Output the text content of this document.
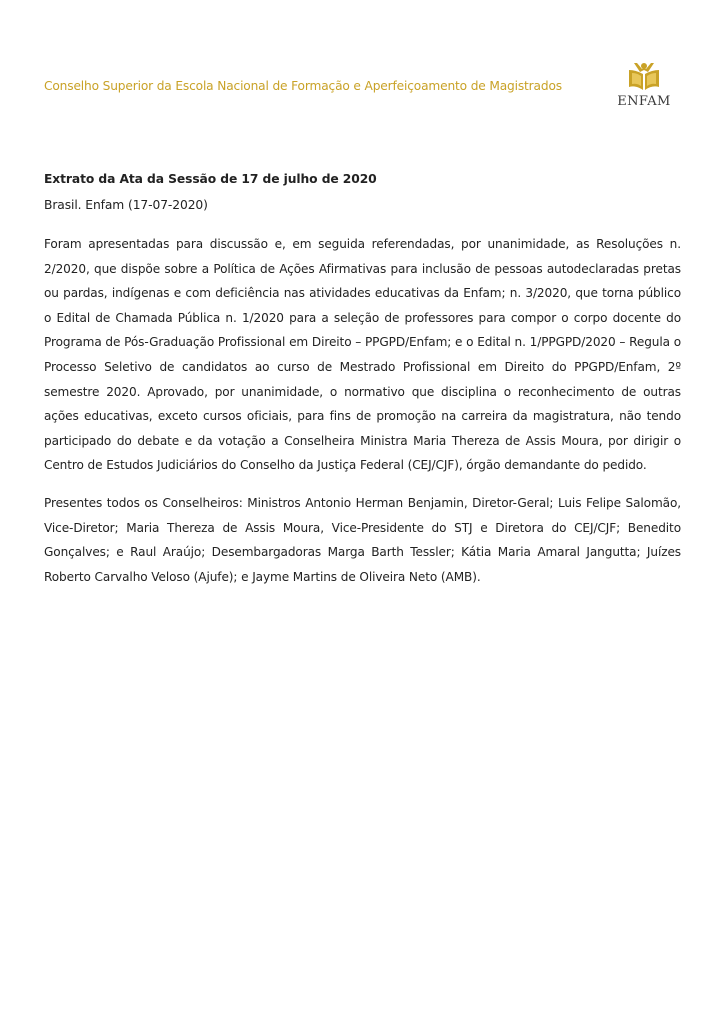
Conselho Superior da Escola Nacional de Formação e Aperfeiçoamento de Magistrados
ENFAM

Extrato da Ata da Sessão de 17 de julho de 2020

Brasil. Enfam (17-07-2020)

Foram apresentadas para discussão e, em seguida referendadas, por unanimidade, as Resoluções n. 2/2020, que dispõe sobre a Política de Ações Afirmativas para inclusão de pessoas autodeclaradas pretas ou pardas, indígenas e com deficiência nas atividades educativas da Enfam; n. 3/2020, que torna público o Edital de Chamada Pública n. 1/2020 para a seleção de professores para compor o corpo docente do Programa de Pós-Graduação Profissional em Direito – PPGPD/Enfam; e o Edital n. 1/PPGPD/2020 – Regula o Processo Seletivo de candidatos ao curso de Mestrado Profissional em Direito do PPGPD/Enfam, 2º semestre 2020. Aprovado, por unanimidade, o normativo que disciplina o reconhecimento de outras ações educativas, exceto cursos oficiais, para fins de promoção na carreira da magistratura, não tendo participado do debate e da votação a Conselheira Ministra Maria Thereza de Assis Moura, por dirigir o Centro de Estudos Judiciários do Conselho da Justiça Federal (CEJ/CJF), órgão demandante do pedido.

Presentes todos os Conselheiros: Ministros Antonio Herman Benjamin, Diretor-Geral; Luis Felipe Salomão, Vice-Diretor; Maria Thereza de Assis Moura, Vice-Presidente do STJ e Diretora do CEJ/CJF; Benedito Gonçalves; e Raul Araújo; Desembargadoras Marga Barth Tessler; Kátia Maria Amaral Jangutta; Juízes Roberto Carvalho Veloso (Ajufe); e Jayme Martins de Oliveira Neto (AMB).
